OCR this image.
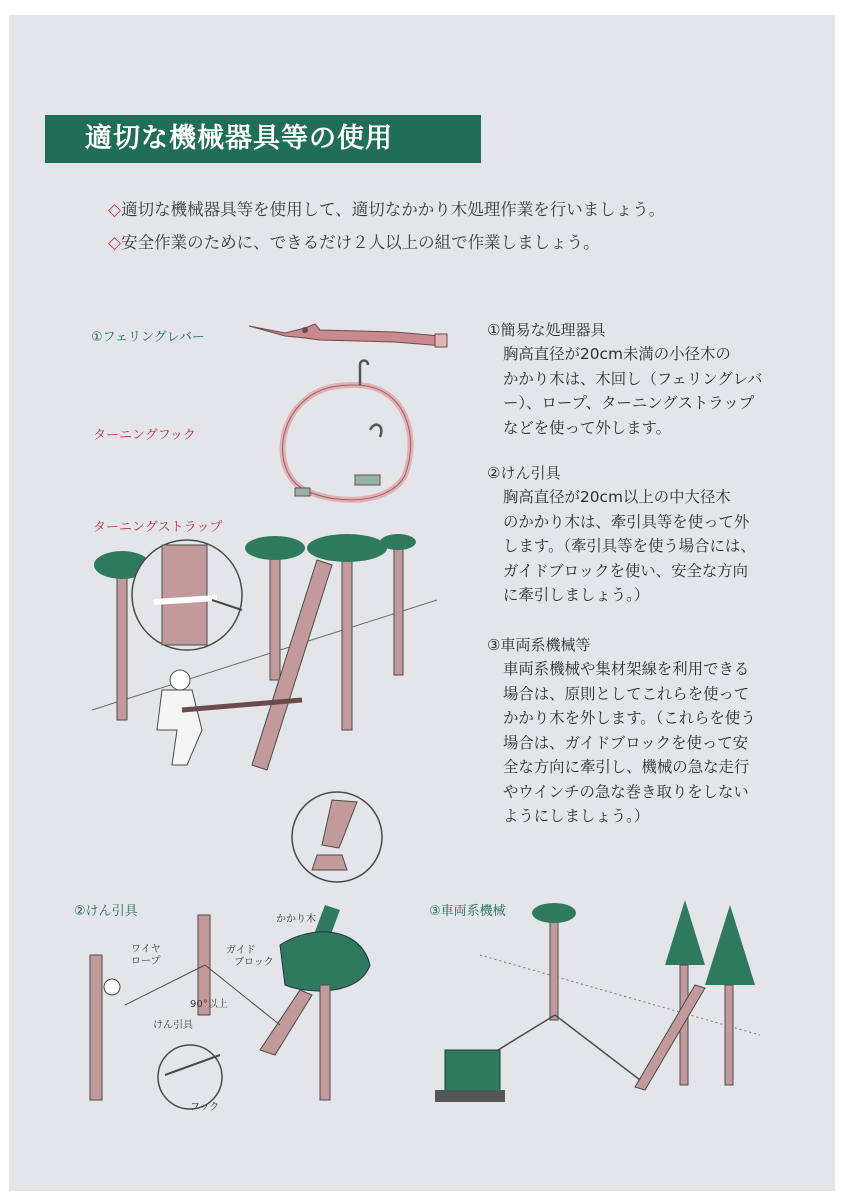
適切な機械器具等の使用
◇適切な機械器具等を使用して、適切なかかり木処理作業を行いましょう。
◇安全作業のために、できるだけ２人以上の組で作業しましょう。
①フェリングレバー
ターニングフック
ターニングストラップ
②けん引具	③車両系機械
①簡易な処理器具
胸高直径が20cm未満の小径木の
かかり木は、木回し（フェリングレバ
ー）、ロープ、ターニングストラップ
などを使って外します。
②けん引具
胸高直径が20cm以上の中大径木
のかかり木は、牽引具等を使って外
します。（牽引具等を使う場合には、
ガイドブロックを使い、安全な方向
に牽引しましょう。）
③車両系機械等
車両系機械や集材架線を利用できる
場合は、原則としてこれらを使って
かかり木を外します。（これらを使う
場合は、ガイドブロックを使って安
全な方向に牽引し、機械の急な走行
やウインチの急な巻き取りをしない
ようにしましょう。）
ワイヤ
ロープ
ガイド
ブロック
90°以上
けん引具
かかり木
フック
